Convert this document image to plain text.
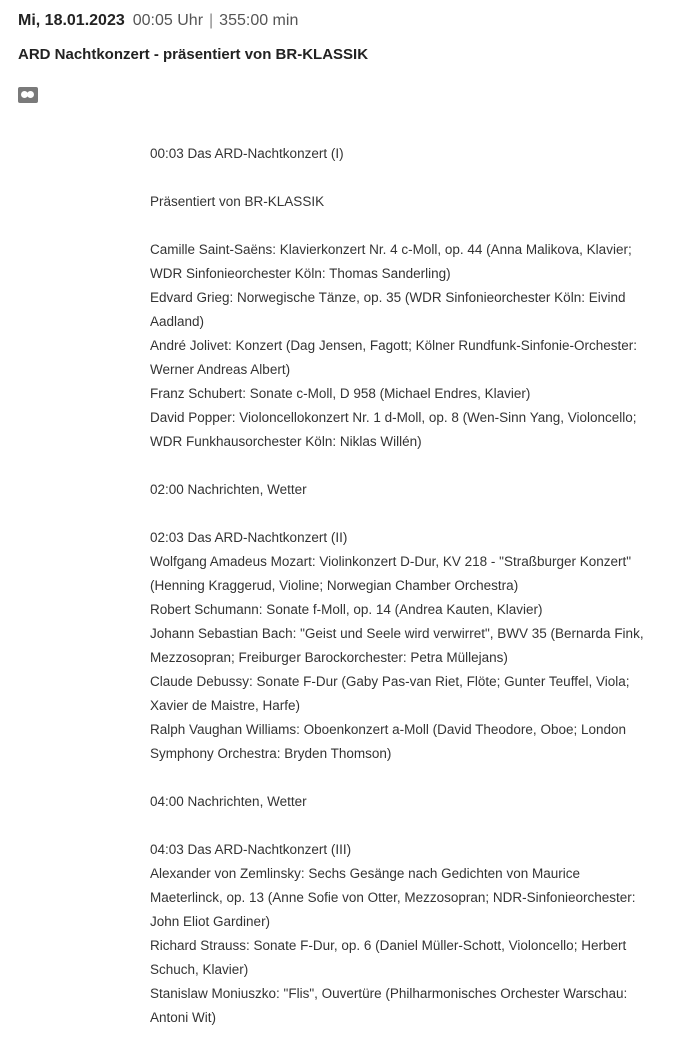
Mi, 18.01.2023 00:05 Uhr | 355:00 min
ARD Nachtkonzert - präsentiert von BR-KLASSIK

00:03 Das ARD-Nachtkonzert (I)

Präsentiert von BR-KLASSIK

Camille Saint-Saëns: Klavierkonzert Nr. 4 c-Moll, op. 44 (Anna Malikova, Klavier; WDR Sinfonieorchester Köln: Thomas Sanderling)

Edvard Grieg: Norwegische Tänze, op. 35 (WDR Sinfonieorchester Köln: Eivind Aadland)

André Jolivet: Konzert (Dag Jensen, Fagott; Kölner Rundfunk-Sinfonie-Orchester: Werner Andreas Albert)

Franz Schubert: Sonate c-Moll, D 958 (Michael Endres, Klavier)

David Popper: Violoncellokonzert Nr. 1 d-Moll, op. 8 (Wen-Sinn Yang, Violoncello; WDR Funkhausorchester Köln: Niklas Willén)

02:00 Nachrichten, Wetter

02:03 Das ARD-Nachtkonzert (II)

Wolfgang Amadeus Mozart: Violinkonzert D-Dur, KV 218 - "Straßburger Konzert" (Henning Kraggerud, Violine; Norwegian Chamber Orchestra)

Robert Schumann: Sonate f-Moll, op. 14 (Andrea Kauten, Klavier)

Johann Sebastian Bach: "Geist und Seele wird verwirret", BWV 35 (Bernarda Fink, Mezzosopran; Freiburger Barockorchester: Petra Müllejans)

Claude Debussy: Sonate F-Dur (Gaby Pas-van Riet, Flöte; Gunter Teuffel, Viola; Xavier de Maistre, Harfe)

Ralph Vaughan Williams: Oboenkonzert a-Moll (David Theodore, Oboe; London Symphony Orchestra: Bryden Thomson)

04:00 Nachrichten, Wetter

04:03 Das ARD-Nachtkonzert (III)

Alexander von Zemlinsky: Sechs Gesänge nach Gedichten von Maurice Maeterlinck, op. 13 (Anne Sofie von Otter, Mezzosopran; NDR-Sinfonieorchester: John Eliot Gardiner)

Richard Strauss: Sonate F-Dur, op. 6 (Daniel Müller-Schott, Violoncello; Herbert Schuch, Klavier)

Stanislaw Moniuszko: "Flis", Ouvertüre (Philharmonisches Orchester Warschau: Antoni Wit)
